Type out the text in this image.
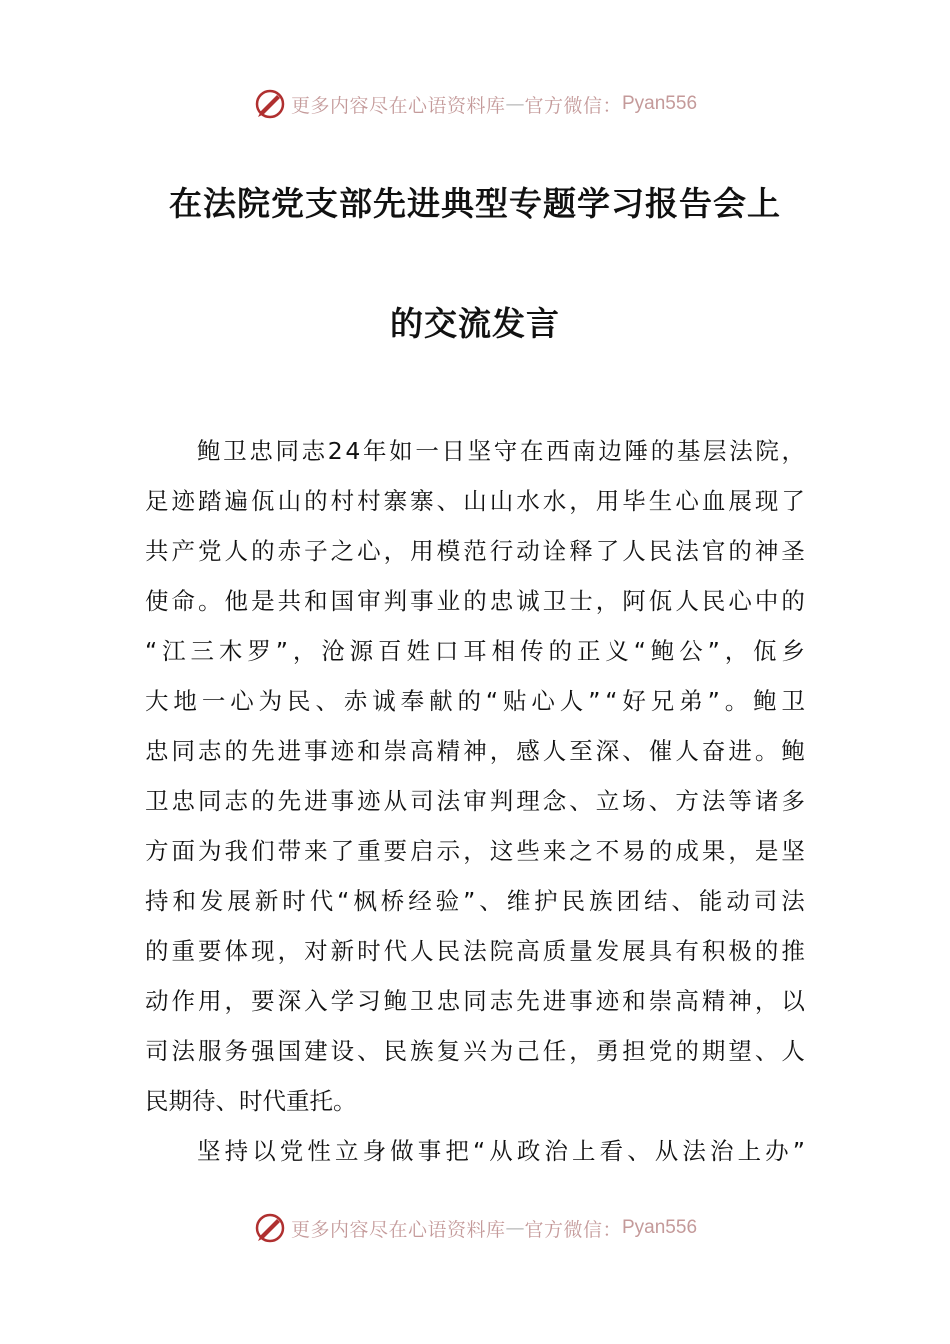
更多内容尽在心语资料库 — 官方微信： Pyan556
在法院党支部先进典型专题学习报告会上
的交流发言
鲍 卫 忠 同 志 2 4 年 如 一 日 坚 守 在 西 南 边 陲 的 基 层 法 院 ，
足 迹 踏 遍 佤 山 的 村 村 寨 寨 、 山 山 水 水 ， 用 毕 生 心 血 展 现 了
共 产 党 人 的 赤 子 之 心 ， 用 模 范 行 动 诠 释 了 人 民 法 官 的 神 圣
使 命 。 他 是 共 和 国 审 判 事 业 的 忠 诚 卫 士 ， 阿 佤 人 民 心 中 的
“ 江 三 木 罗 ” ， 沧 源 百 姓 口 耳 相 传 的 正 义 “ 鲍 公 ” ， 佤 乡
大 地 一 心 为 民 、 赤 诚 奉 献 的 “ 贴 心 人 ” “ 好 兄 弟 ” 。 鲍 卫
忠 同 志 的 先 进 事 迹 和 崇 高 精 神 ， 感 人 至 深 、 催 人 奋 进 。 鲍
卫 忠 同 志 的 先 进 事 迹 从 司 法 审 判 理 念 、 立 场 、 方 法 等 诸 多
方 面 为 我 们 带 来 了 重 要 启 示 ， 这 些 来 之 不 易 的 成 果 ， 是 坚
持 和 发 展 新 时 代 “ 枫 桥 经 验 ” 、 维 护 民 族 团 结 、 能 动 司 法
的 重 要 体 现 ， 对 新 时 代 人 民 法 院 高 质 量 发 展 具 有 积 极 的 推
动 作 用 ， 要 深 入 学 习 鲍 卫 忠 同 志 先 进 事 迹 和 崇 高 精 神 ， 以
司 法 服 务 强 国 建 设 、 民 族 复 兴 为 己 任 ， 勇 担 党 的 期 望 、 人
民期待、时代重托。
坚 持 以 党 性 立 身 做 事 把 “ 从 政 治 上 看 、 从 法 治 上 办 ”
更多内容尽在心语资料库 — 官方微信： Pyan556
